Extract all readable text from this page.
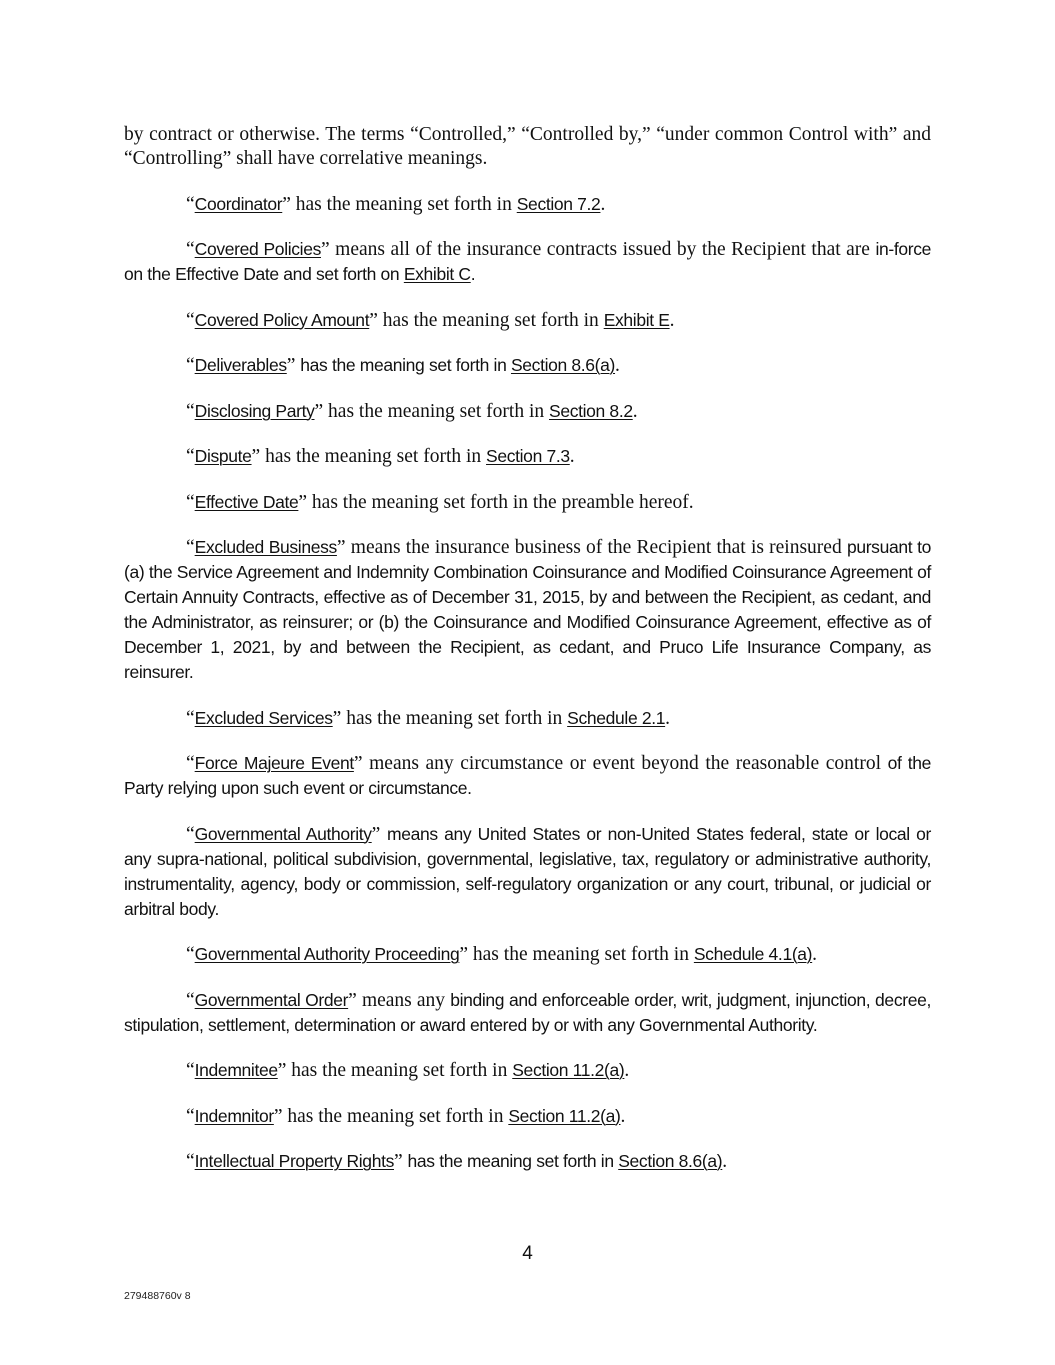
by contract or otherwise. The terms “Controlled,” “Controlled by,” “under common Control with” and “Controlling” shall have correlative meanings.

“Coordinator” has the meaning set forth in Section 7.2.

“Covered Policies” means all of the insurance contracts issued by the Recipient that are in-force on the Effective Date and set forth on Exhibit C.

“Covered Policy Amount” has the meaning set forth in Exhibit E.

“Deliverables” has the meaning set forth in Section 8.6(a).

“Disclosing Party” has the meaning set forth in Section 8.2.

“Dispute” has the meaning set forth in Section 7.3.

“Effective Date” has the meaning set forth in the preamble hereof.

“Excluded Business” means the insurance business of the Recipient that is reinsured pursuant to (a) the Service Agreement and Indemnity Combination Coinsurance and Modified Coinsurance Agreement of Certain Annuity Contracts, effective as of December 31, 2015, by and between the Recipient, as cedant, and the Administrator, as reinsurer; or (b) the Coinsurance and Modified Coinsurance Agreement, effective as of December 1, 2021, by and between the Recipient, as cedant, and Pruco Life Insurance Company, as reinsurer.

“Excluded Services” has the meaning set forth in Schedule 2.1.

“Force Majeure Event” means any circumstance or event beyond the reasonable control of the Party relying upon such event or circumstance.

“Governmental Authority” means any United States or non-United States federal, state or local or any supra-national, political subdivision, governmental, legislative, tax, regulatory or administrative authority, instrumentality, agency, body or commission, self-regulatory organization or any court, tribunal, or judicial or arbitral body.

“Governmental Authority Proceeding” has the meaning set forth in Schedule 4.1(a).

“Governmental Order” means any binding and enforceable order, writ, judgment, injunction, decree, stipulation, settlement, determination or award entered by or with any Governmental Authority.

“Indemnitee” has the meaning set forth in Section 11.2(a).

“Indemnitor” has the meaning set forth in Section 11.2(a).

“Intellectual Property Rights” has the meaning set forth in Section 8.6(a).

4
279488760v 8
